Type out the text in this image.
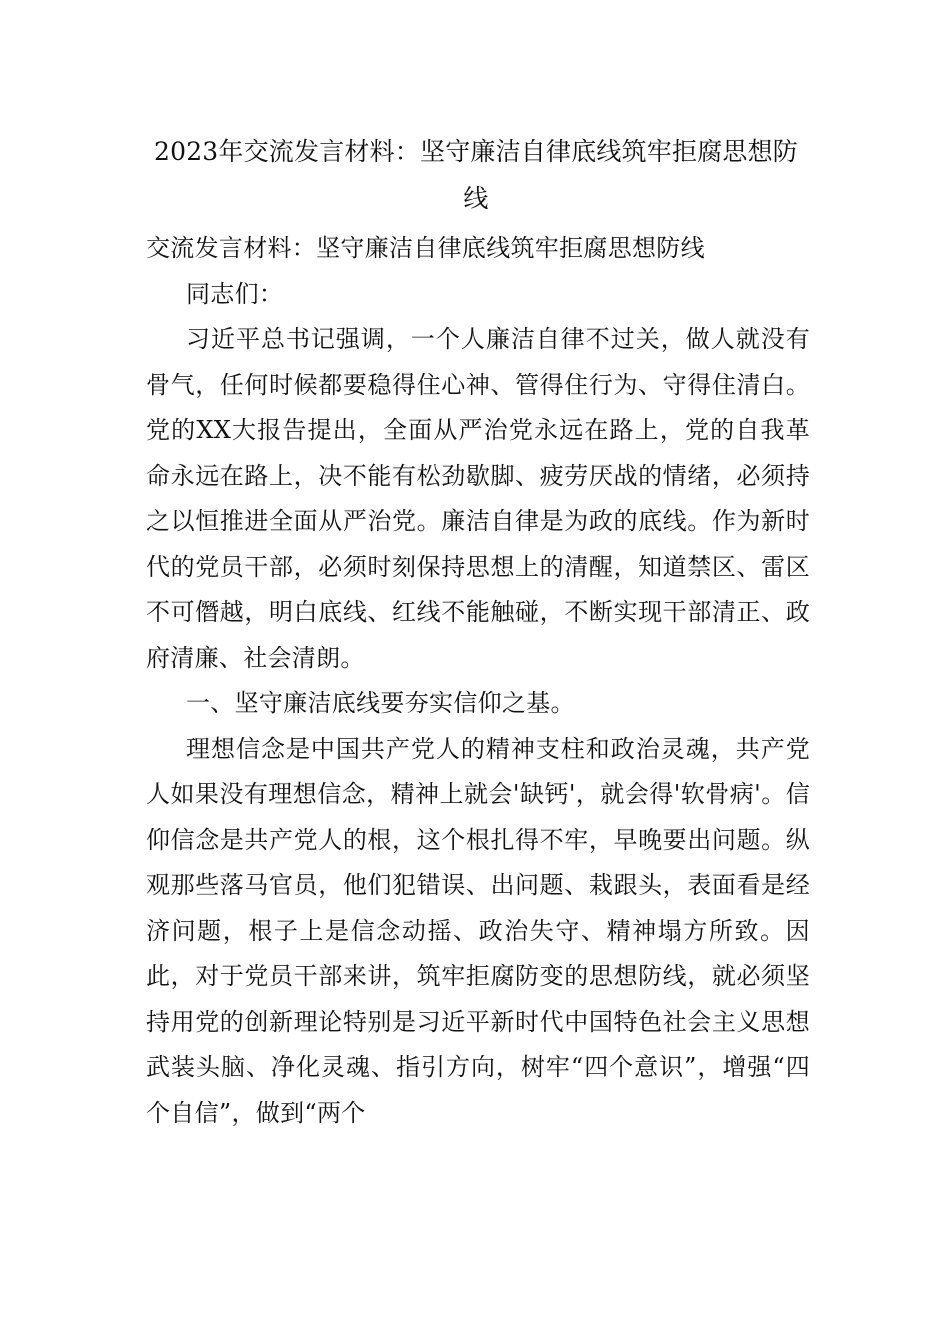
2023年交流发言材料：坚守廉洁自律底线筑牢拒腐思想防线

交流发言材料：坚守廉洁自律底线筑牢拒腐思想防线

同志们：

习近平总书记强调，一个人廉洁自律不过关，做人就没有骨气，任何时候都要稳得住心神、管得住行为、守得住清白。党的XX大报告提出，全面从严治党永远在路上，党的自我革命永远在路上，决不能有松劲歇脚、疲劳厌战的情绪，必须持之以恒推进全面从严治党。廉洁自律是为政的底线。作为新时代的党员干部，必须时刻保持思想上的清醒，知道禁区、雷区不可僭越，明白底线、红线不能触碰，不断实现干部清正、政府清廉、社会清朗。

一、坚守廉洁底线要夯实信仰之基。

理想信念是中国共产党人的精神支柱和政治灵魂，共产党人如果没有理想信念，精神上就会'缺钙'，就会得'软骨病'。信仰信念是共产党人的根，这个根扎得不牢，早晚要出问题。纵观那些落马官员，他们犯错误、出问题、栽跟头，表面看是经济问题，根子上是信念动摇、政治失守、精神塌方所致。因此，对于党员干部来讲，筑牢拒腐防变的思想防线，就必须坚持用党的创新理论特别是习近平新时代中国特色社会主义思想武装头脑、净化灵魂、指引方向，树牢“四个意识”，增强“四个自信”，做到“两个
